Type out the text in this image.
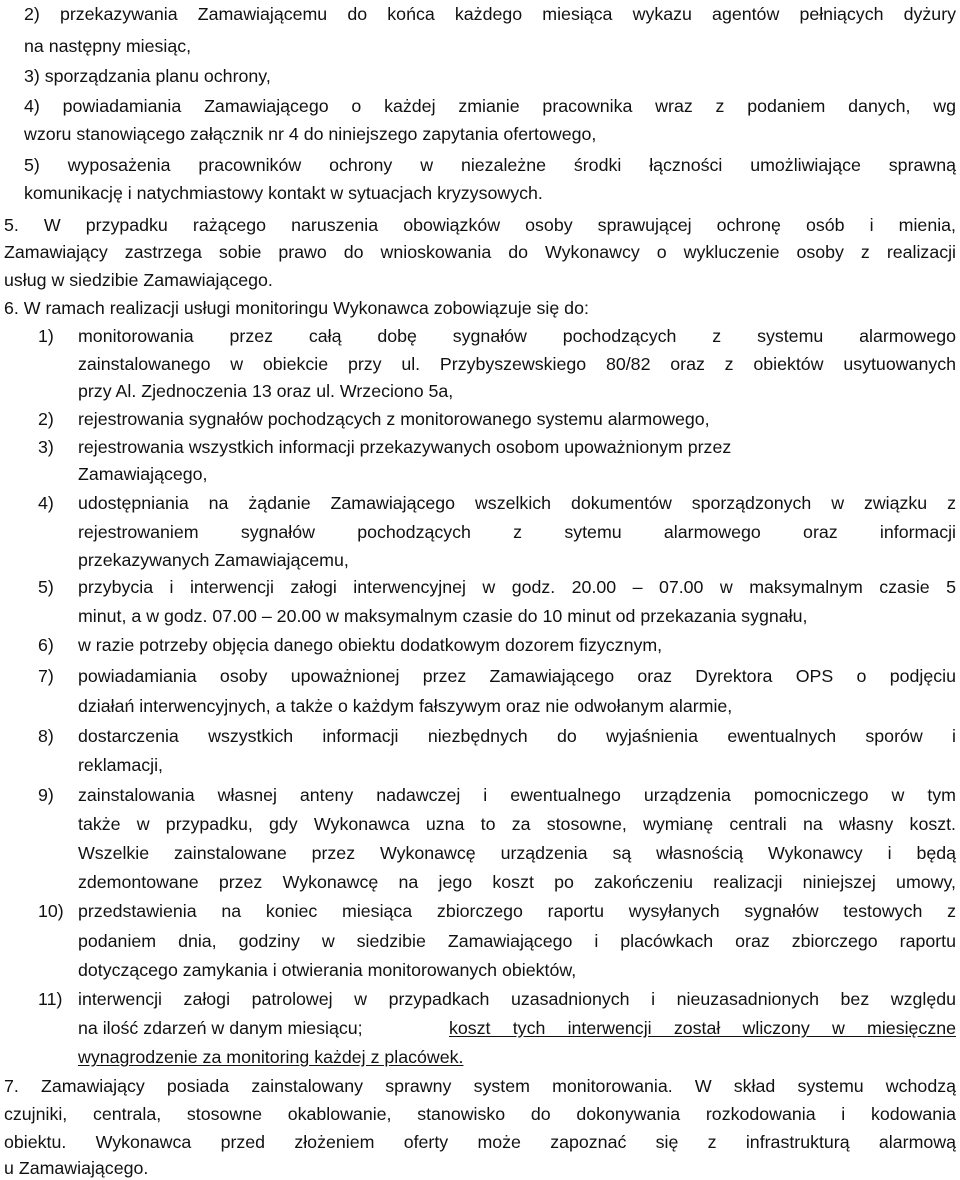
2) przekazywania Zamawiającemu do końca każdego miesiąca wykazu agentów pełniących dyżury
na następny miesiąc,
3) sporządzania planu ochrony,
4) powiadamiania Zamawiającego o każdej zmianie pracownika wraz z podaniem danych, wg
wzoru stanowiącego załącznik nr 4 do niniejszego zapytania ofertowego,
5) wyposażenia pracowników ochrony w niezależne środki łączności umożliwiające sprawną
komunikację i natychmiastowy kontakt w sytuacjach kryzysowych.
5. W przypadku rażącego naruszenia obowiązków osoby sprawującej ochronę osób i mienia,
Zamawiający zastrzega sobie prawo do wnioskowania do Wykonawcy o wykluczenie osoby z realizacji
usług w siedzibie Zamawiającego.
6. W ramach realizacji usługi monitoringu Wykonawca zobowiązuje się do:
1) monitorowania przez całą dobę sygnałów pochodzących z systemu alarmowego
zainstalowanego w obiekcie przy ul. Przybyszewskiego 80/82 oraz z obiektów usytuowanych
przy Al. Zjednoczenia 13 oraz ul. Wrzeciono 5a,
2) rejestrowania sygnałów pochodzących z monitorowanego systemu alarmowego,
3) rejestrowania wszystkich informacji przekazywanych osobom upoważnionym przez
Zamawiającego,
4) udostępniania na żądanie Zamawiającego wszelkich dokumentów sporządzonych w związku z
rejestrowaniem sygnałów pochodzących z sytemu alarmowego oraz informacji
przekazywanych Zamawiającemu,
5) przybycia i interwencji załogi interwencyjnej w godz. 20.00 – 07.00 w maksymalnym czasie 5
minut, a w godz. 07.00 – 20.00 w maksymalnym czasie do 10 minut od przekazania sygnału,
6) w razie potrzeby objęcia danego obiektu dodatkowym dozorem fizycznym,
7) powiadamiania osoby upoważnionej przez Zamawiającego oraz Dyrektora OPS o podjęciu
działań interwencyjnych, a także o każdym fałszywym oraz nie odwołanym alarmie,
8) dostarczenia wszystkich informacji niezbędnych do wyjaśnienia ewentualnych sporów i
reklamacji,
9) zainstalowania własnej anteny nadawczej i ewentualnego urządzenia pomocniczego w tym
także w przypadku, gdy Wykonawca uzna to za stosowne, wymianę centrali na własny koszt.
Wszelkie zainstalowane przez Wykonawcę urządzenia są własnością Wykonawcy i będą
zdemontowane przez Wykonawcę na jego koszt po zakończeniu realizacji niniejszej umowy,
10) przedstawienia na koniec miesiąca zbiorczego raportu wysyłanych sygnałów testowych z
podaniem dnia, godziny w siedzibie Zamawiającego i placówkach oraz zbiorczego raportu
dotyczącego zamykania i otwierania monitorowanych obiektów,
11) interwencji załogi patrolowej w przypadkach uzasadnionych i nieuzasadnionych bez względu
na ilość zdarzeń w danym miesiącu;	koszt tych interwencji został wliczony w miesięczne
wynagrodzenie za monitoring każdej z placówek.
7. Zamawiający posiada zainstalowany sprawny system monitorowania. W skład systemu wchodzą
czujniki, centrala, stosowne okablowanie, stanowisko do dokonywania rozkodowania i kodowania
obiektu. Wykonawca przed złożeniem oferty może zapoznać się z infrastrukturą alarmową
u Zamawiającego.
